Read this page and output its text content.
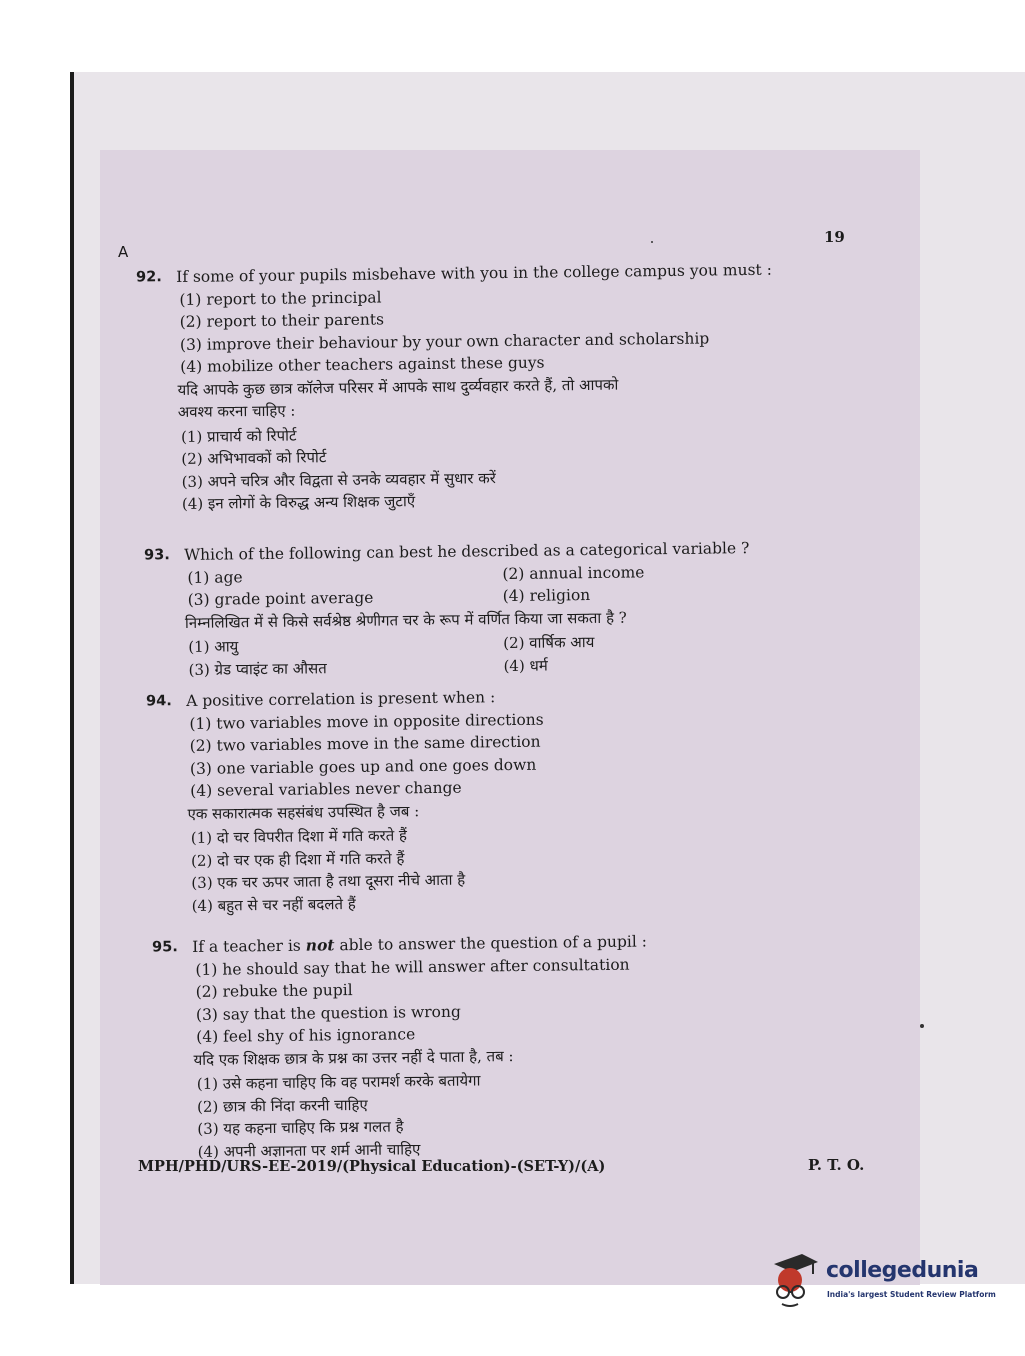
A
19
92. If some of your pupils misbehave with you in the college campus you must :
(1) report to the principal
(2) report to their parents
(3) improve their behaviour by your own character and scholarship
(4) mobilize other teachers against these guys
यदि आपके कुछ छात्र कॉलेज परिसर में आपके साथ दुर्व्यवहार करते हैं, तो आपको
अवश्य करना चाहिए :
(1) प्राचार्य को रिपोर्ट
(2) अभिभावकों को रिपोर्ट
(3) अपने चरित्र और विद्वता से उनके व्यवहार में सुधार करें
(4) इन लोगों के विरुद्ध अन्य शिक्षक जुटाएँ
93. Which of the following can best he described as a categorical variable ?
(1) age	(2) annual income
(3) grade point average	(4) religion
निम्नलिखित में से किसे सर्वश्रेष्ठ श्रेणीगत चर के रूप में वर्णित किया जा सकता है ?
(1) आयु	(2) वार्षिक आय
(3) ग्रेड प्वाइंट का औसत	(4) धर्म
94. A positive correlation is present when :
(1) two variables move in opposite directions
(2) two variables move in the same direction
(3) one variable goes up and one goes down
(4) several variables never change
एक सकारात्मक सहसंबंध उपस्थित है जब :
(1) दो चर विपरीत दिशा में गति करते हैं
(2) दो चर एक ही दिशा में गति करते हैं
(3) एक चर ऊपर जाता है तथा दूसरा नीचे आता है
(4) बहुत से चर नहीं बदलते हैं
95. If a teacher is not able to answer the question of a pupil :
(1) he should say that he will answer after consultation
(2) rebuke the pupil
(3) say that the question is wrong
(4) feel shy of his ignorance
यदि एक शिक्षक छात्र के प्रश्न का उत्तर नहीं दे पाता है, तब :
(1) उसे कहना चाहिए कि वह परामर्श करके बतायेगा
(2) छात्र की निंदा करनी चाहिए
(3) यह कहना चाहिए कि प्रश्न गलत है
(4) अपनी अज्ञानता पर शर्म आनी चाहिए
MPH/PHD/URS-EE-2019/(Physical Education)-(SET-Y)/(A)	P. T. O.
collegedunia
India's largest Student Review Platform
